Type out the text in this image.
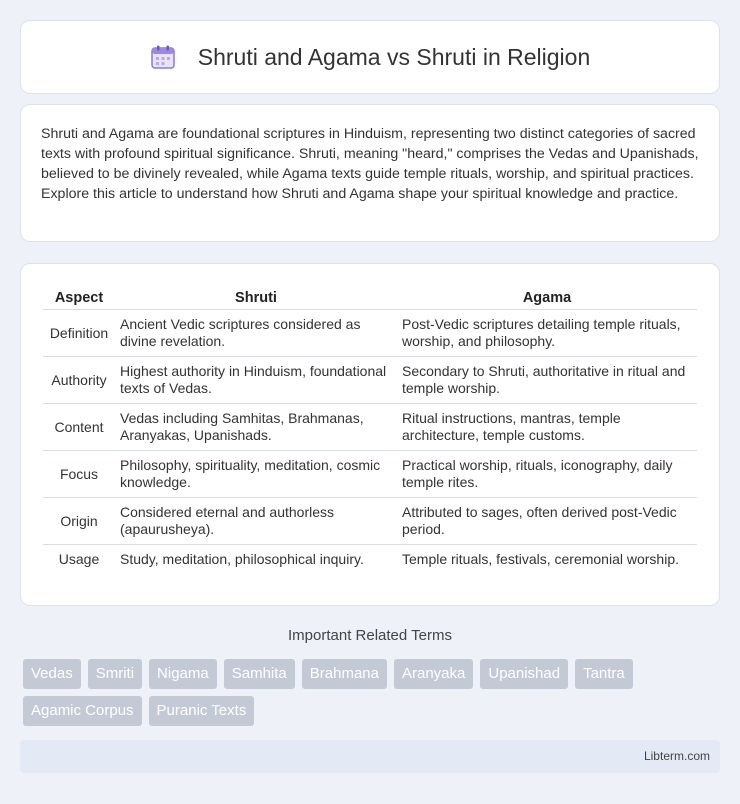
Shruti and Agama vs Shruti in Religion

Shruti and Agama are foundational scriptures in Hinduism, representing two distinct categories of sacred texts with profound spiritual significance. Shruti, meaning "heard," comprises the Vedas and Upanishads, believed to be divinely revealed, while Agama texts guide temple rituals, worship, and spiritual practices. Explore this article to understand how Shruti and Agama shape your spiritual knowledge and practice.

Aspect	Shruti	Agama
Definition	Ancient Vedic scriptures considered as divine revelation.	Post-Vedic scriptures detailing temple rituals, worship, and philosophy.
Authority	Highest authority in Hinduism, foundational texts of Vedas.	Secondary to Shruti, authoritative in ritual and temple worship.
Content	Vedas including Samhitas, Brahmanas, Aranyakas, Upanishads.	Ritual instructions, mantras, temple architecture, temple customs.
Focus	Philosophy, spirituality, meditation, cosmic knowledge.	Practical worship, rituals, iconography, daily temple rites.
Origin	Considered eternal and authorless (apaurusheya).	Attributed to sages, often derived post-Vedic period.
Usage	Study, meditation, philosophical inquiry.	Temple rituals, festivals, ceremonial worship.
Important Related Terms
Vedas	Smriti	Nigama	Samhita	Brahmana	Aranyaka	Upanishad	Tantra
Agamic Corpus	Puranic Texts
Libterm.com
